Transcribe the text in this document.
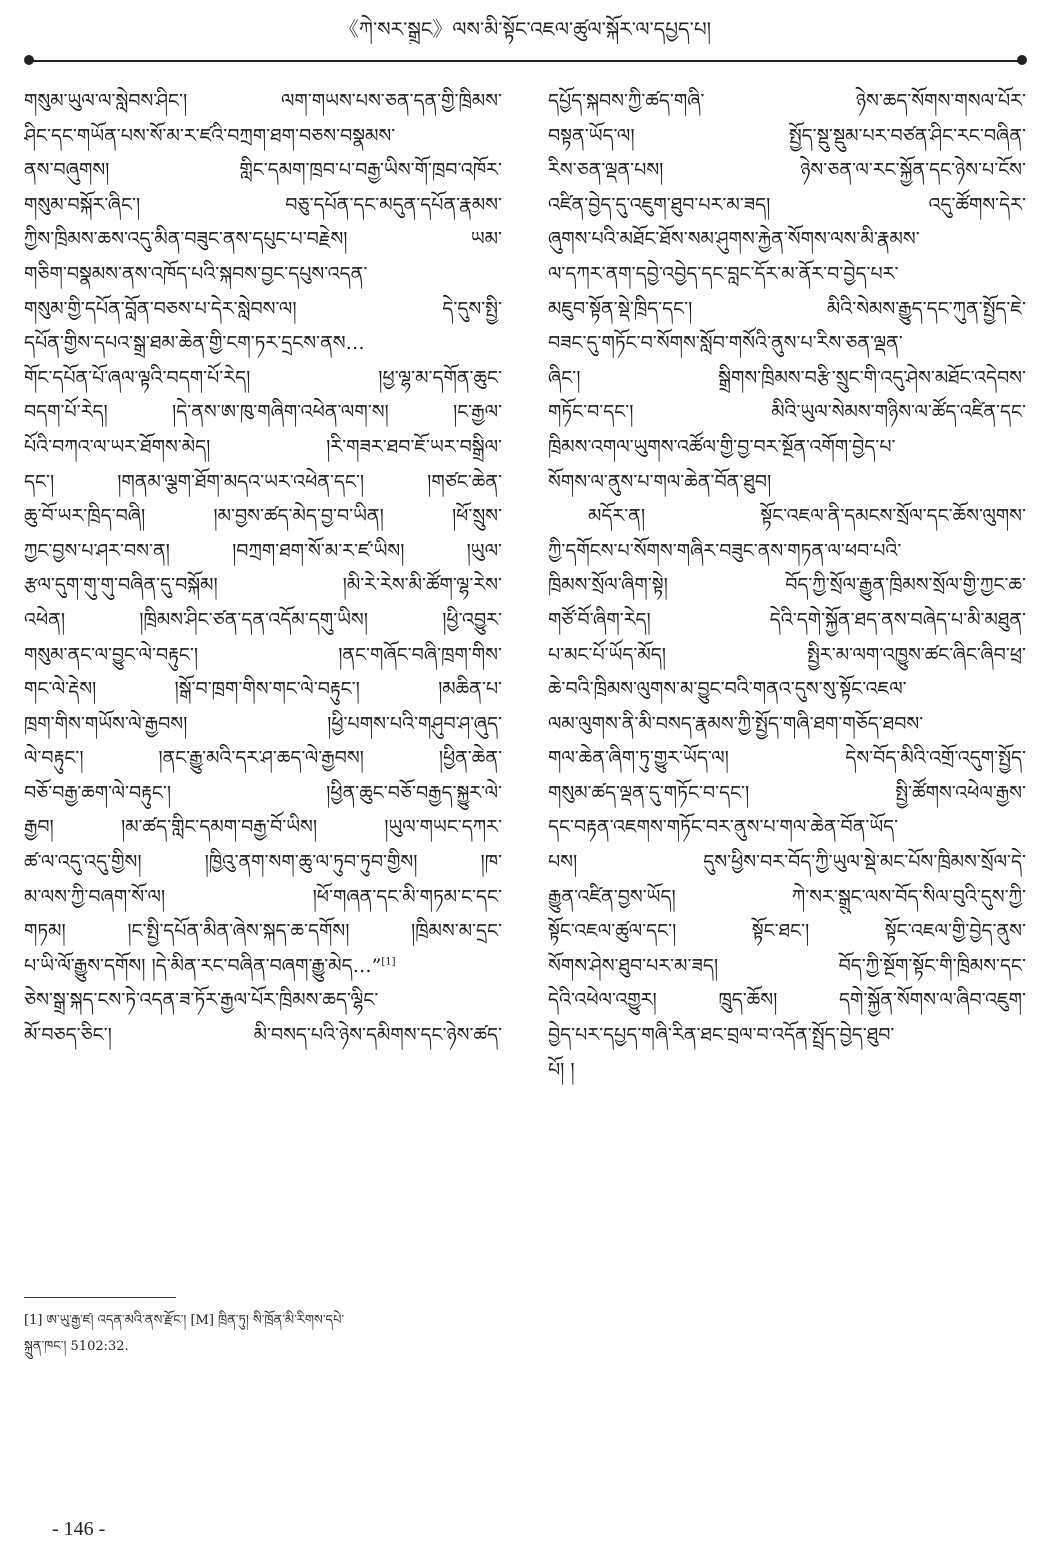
《ཀེ་སར་སྒྲུང》ལས་མི་སྟོང་འཇལ་ཚུལ་སྐོར་ལ་དཔྱད་པ།
གསུམ་ཡུལ་ལ་སླེབས་ཤིང་། ལག་གཡས་པས་ཅན་དན་གྱི་ཁྲིམས་
ཤིང་དང་གཡོན་པས་སོ་མ་ར་ཛའི་བཀྲག་ཐག་བཅས་བསྣམས་
ནས་བཞུགས། གླིང་དམག་ཁྲབ་པ་བརྒྱ་ཡིས་གོ་ཁྲབ་འཁོར་
གསུམ་བསྐོར་ཞིང་། བཅུ་དཔོན་དང་མདུན་དཔོན་རྣམས་
ཀྱིས་ཁྲིམས་ཆས་འདུ་མིན་བཟུང་ནས་དཔུང་པ་བརྗེས། ཡམ་
གཅིག་བསྣམས་ནས་འཁོད་པའི་སྐབས་བྱང་དཔུས་འདན་
གསུམ་གྱི་དཔོན་བློན་བཅས་པ་དེར་སླེབས་ལ། དེ་དུས་སྤྱི་
དཔོན་གྱིས་དཔའ་སྒྲ་ཐམ་ཆེན་གྱི་ངག་ཏར་དྲངས་ནས…
གོང་དཔོན་པོ་ཞལ་ལྟའི་བདག་པོ་རེད། །ཕྱ་ལྷ་མ་དགོན་ཆུང་
བདག་པོ་རེད། །དེ་ནས་ཨ་ཁུ་གཞིག་འཕེན་ལག་ས། །ང་རྒྱལ་
པོའི་བཀའ་ལ་ཡར་ཐོགས་མེད། །རི་གཟར་ཐབ་ཇོ་ཡར་བསྒྲིལ་
དང་། །གནམ་ལྕག་ཐོག་མདའ་ཡར་འཕེན་དང་། །གཙང་ཆེན་
ཆུ་བོ་ཡར་ཁྲིད་བཞི། །མ་བྱས་ཚད་མེད་བྱ་བ་ཡིན། །ཕོ་སྲུས་
ཀྱང་བྱས་པ་ཤར་བས་ན། །བཀྲག་ཐག་སོ་མ་ར་ཛ་ཡིས། །ཡུལ་
རྩལ་དུག་གུ་གུ་བཞིན་དུ་བསྐོམ། །མི་རེ་རེས་མི་ཚོག་ལྷ་རེས་
འཕེན། །ཁྲིམས་ཤིང་ཙན་དན་འདོམ་དགུ་ཡིས། །ཕྱི་འབྱུར་
གསུམ་ནང་ལ་བྱུང་ལེ་བརྟུང་། །ནང་གཞོང་བཞི་ཁྲག་གིས་
གང་ལེ་རྡེས། །སྒོ་བ་ཁྲག་གིས་གང་ལེ་བརྟུང་། །མཆིན་པ་
ཁྲག་གིས་གཡོས་ལེ་རྒྱབས། །ཕྱི་པགས་པའི་གཤུབ་ཤ་ཞུད་
ལེ་བརྟུང་། །ནང་རྒྱུ་མའི་དར་ཤ་ཆད་ལེ་རྒྱབས། །ཕྱིན་ཆེན་
བཅོ་བརྒྱ་ཆག་ལེ་བརྟུང་། །ཕྱིན་ཆུང་བཅོ་བརྒྱད་སྐྱུར་ལེ་
རྒྱབ། །མ་ཚད་གླིང་དམག་བརྒྱ་བོ་ཡིས། །ཡུལ་གཡང་དཀར་
ཚ་ལ་འདུ་འདུ་གྱིས། །ཁྱིའུ་ནག་སག་ཆུ་ལ་ཏུབ་ཏུབ་གྱིས། །ཁ་
མ་ལས་ཀྱི་བཞག་སོ་ལ། །ཕོ་གཞན་དང་མི་གཏམ་ང་དང་
གཏམ། །ང་སྤྱི་དཔོན་མིན་ཞེས་སྐད་ཆ་དགོས། །ཁྲིམས་མ་དྲང་
པ་ཡི་ལོ་རྒྱུས་དགོས། །དེ་མིན་རང་བཞིན་བཞག་རྒྱུ་མེད…”[1]
ཅེས་སྒྲ་སྐད་ངས་ཏེ་འདན་ཟ་ཏོར་རྒྱལ་པོར་ཁྲིམས་ཆད་ལྷིང་
མོ་བཅད་ཅིང་། མི་བསད་པའི་ཉེས་དམིགས་དང་ཉེས་ཚད་
དཔྱོད་སྐབས་ཀྱི་ཚད་གཞི་ ཉེས་ཆད་སོགས་གསལ་པོར་
བསྟན་ཡོད་ལ། སྤྱོད་སྡུ་སྡུམ་པར་བཙན་ཤིང་རང་བཞིན་
རིས་ཅན་ལྡན་པས། ཉེས་ཅན་ལ་རང་སྐྱོན་དང་ཉེས་པ་ངོས་
འཛིན་བྱེད་དུ་འཇུག་ཐུབ་པར་མ་ཟད། འདུ་ཚོགས་དེར་
ཞུགས་པའི་མཐོང་ཐོས་སམ་ཤུགས་རྐྱེན་སོགས་ལས་མི་རྣམས་
ལ་དཀར་ནག་དབྱེ་འབྱེད་དང་བླང་དོར་མ་ནོར་བ་བྱེད་པར་
མཇུབ་སྟོན་སྡེ་ཁྲིད་དང་། མིའི་སེམས་རྒྱུད་དང་ཀུན་སྤྱོད་ཇེ་
བཟང་དུ་གཏོང་བ་སོགས་སློབ་གསོའི་ནུས་པ་རིས་ཅན་ལྡན་
ཞིང་། སྒྲིགས་ཁྲིམས་བརྩི་སྲུང་གི་འདུ་ཤེས་མཐོང་འདེབས་
གཏོང་བ་དང་། མིའི་ཡུལ་སེམས་གཉིས་ལ་ཚོད་འཛིན་དང་
ཁྲིམས་འགལ་ཡུགས་འཚོལ་གྱི་བྱ་བར་སྔོན་འགོག་བྱེད་པ་
སོགས་ལ་ནུས་པ་གལ་ཆེན་བོན་ཐུབ།
མདོར་ན། སྟོང་འཇལ་ནི་དམངས་སྲོལ་དང་ཆོས་ལུགས་
ཀྱི་དགོངས་པ་སོགས་གཞིར་བཟུང་ནས་གཏན་ལ་ཕབ་པའི་
ཁྲིམས་སྲོལ་ཞིག་སྟེ། བོད་ཀྱི་སྲོལ་རྒྱུན་ཁྲིམས་སྲོལ་གྱི་ཀྱང་ཆ་
གཙོ་བོ་ཞིག་རེད། དེའི་དགེ་སྐྱོན་ཐད་ནས་བཞེད་པ་མི་མཐུན་
པ་མང་པོ་ཡོད་མོད། སྤྱིར་མ་ལག་འཁྱུས་ཚང་ཞིང་ཞིབ་ཕྲ་
ཆེ་བའི་ཁྲིམས་ལུགས་མ་བྱུང་བའི་གནའ་དུས་སུ་སྟོང་འཇལ་
ལམ་ལུགས་ནི་མི་བསད་རྣམས་ཀྱི་སྤྱོད་གཞི་ཐག་གཅོད་ཐབས་
གལ་ཆེན་ཞིག་ཏུ་གྱུར་ཡོད་ལ། དེས་བོད་མིའི་འགྲོ་འདུག་སྤྱོད་
གསུམ་ཚད་ལྡན་དུ་གཏོང་བ་དང་། སྤྱི་ཚོགས་འཕེལ་རྒྱས་
དང་བརྟན་འཇགས་གཏོང་བར་ནུས་པ་གལ་ཆེན་བོན་ཡོད་
པས། དུས་ཕྱིས་བར་བོད་ཀྱི་ཡུལ་སྡེ་མང་པོས་ཁྲིམས་སྲོལ་དེ་
རྒྱུན་འཛིན་བྱས་ཡོད། ཀེ་སར་སྒྲུང་ལས་བོད་སིལ་བུའི་དུས་ཀྱི་
སྟོང་འཇལ་ཚུལ་དང་། སྟོང་ཐང་། སྟོང་འཇལ་གྱི་བྱེད་ནུས་
སོགས་ཤེས་ཐུབ་པར་མ་ཟད། བོད་ཀྱི་སྔོག་སྟོང་གི་ཁྲིམས་དང་
དེའི་འཕེལ་འགྱུར། ཁྲུད་ཆོས། དགེ་སྐྱོན་སོགས་ལ་ཞིབ་འཇུག་
བྱེད་པར་དཔྱད་གཞི་རིན་ཐང་བྲལ་བ་འདོན་སྤྲོད་བྱེད་ཐུབ་
པོ། །
[1] ཨ་ཡུ་རྒྱ་ཛ། འདན་མའི་ནས་རྫོང་། [M] ཁྲིན་ཏུ། སི་ཁྲོན་མི་རིགས་དཔེ་
སྐྲུན་ཁང་། 5102:32.
- 146 -
